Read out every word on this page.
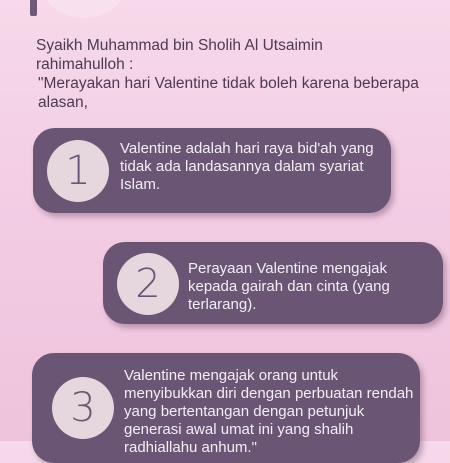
Syaikh Muhammad bin Sholih Al Utsaimin

rahimahulloh :

"Merayakan hari Valentine tidak boleh karena beberapa alasan,

1	Valentine adalah hari raya bid'ah yang tidak ada landasannya dalam syariat Islam.
2	Perayaan Valentine mengajak kepada gairah dan cinta (yang terlarang).
3
Valentine mengajak orang untuk menyibukkan diri dengan perbuatan rendah yang bertentangan dengan petunjuk generasi awal umat ini yang shalih radhiallahu anhum."
